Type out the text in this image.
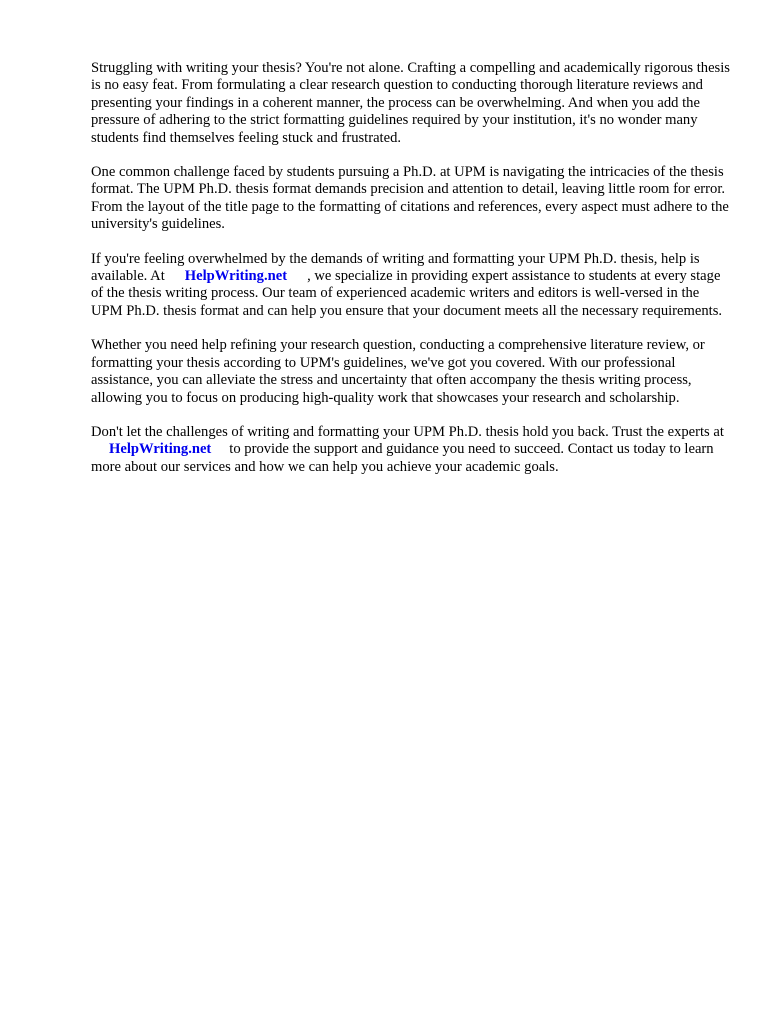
Struggling with writing your thesis? You're not alone. Crafting a compelling and academically rigorous thesis is no easy feat. From formulating a clear research question to conducting thorough literature reviews and presenting your findings in a coherent manner, the process can be overwhelming. And when you add the pressure of adhering to the strict formatting guidelines required by your institution, it's no wonder many students find themselves feeling stuck and frustrated.

One common challenge faced by students pursuing a Ph.D. at UPM is navigating the intricacies of the thesis format. The UPM Ph.D. thesis format demands precision and attention to detail, leaving little room for error. From the layout of the title page to the formatting of citations and references, every aspect must adhere to the university's guidelines.

If you're feeling overwhelmed by the demands of writing and formatting your UPM Ph.D. thesis, help is available. At HelpWriting.net , we specialize in providing expert assistance to students at every stage of the thesis writing process. Our team of experienced academic writers and editors is well-versed in the UPM Ph.D. thesis format and can help you ensure that your document meets all the necessary requirements.

Whether you need help refining your research question, conducting a comprehensive literature review, or formatting your thesis according to UPM's guidelines, we've got you covered. With our professional assistance, you can alleviate the stress and uncertainty that often accompany the thesis writing process, allowing you to focus on producing high-quality work that showcases your research and scholarship.

Don't let the challenges of writing and formatting your UPM Ph.D. thesis hold you back. Trust the experts atHelpWriting.net to provide the support and guidance you need to succeed. Contact us today to learn more about our services and how we can help you achieve your academic goals.
